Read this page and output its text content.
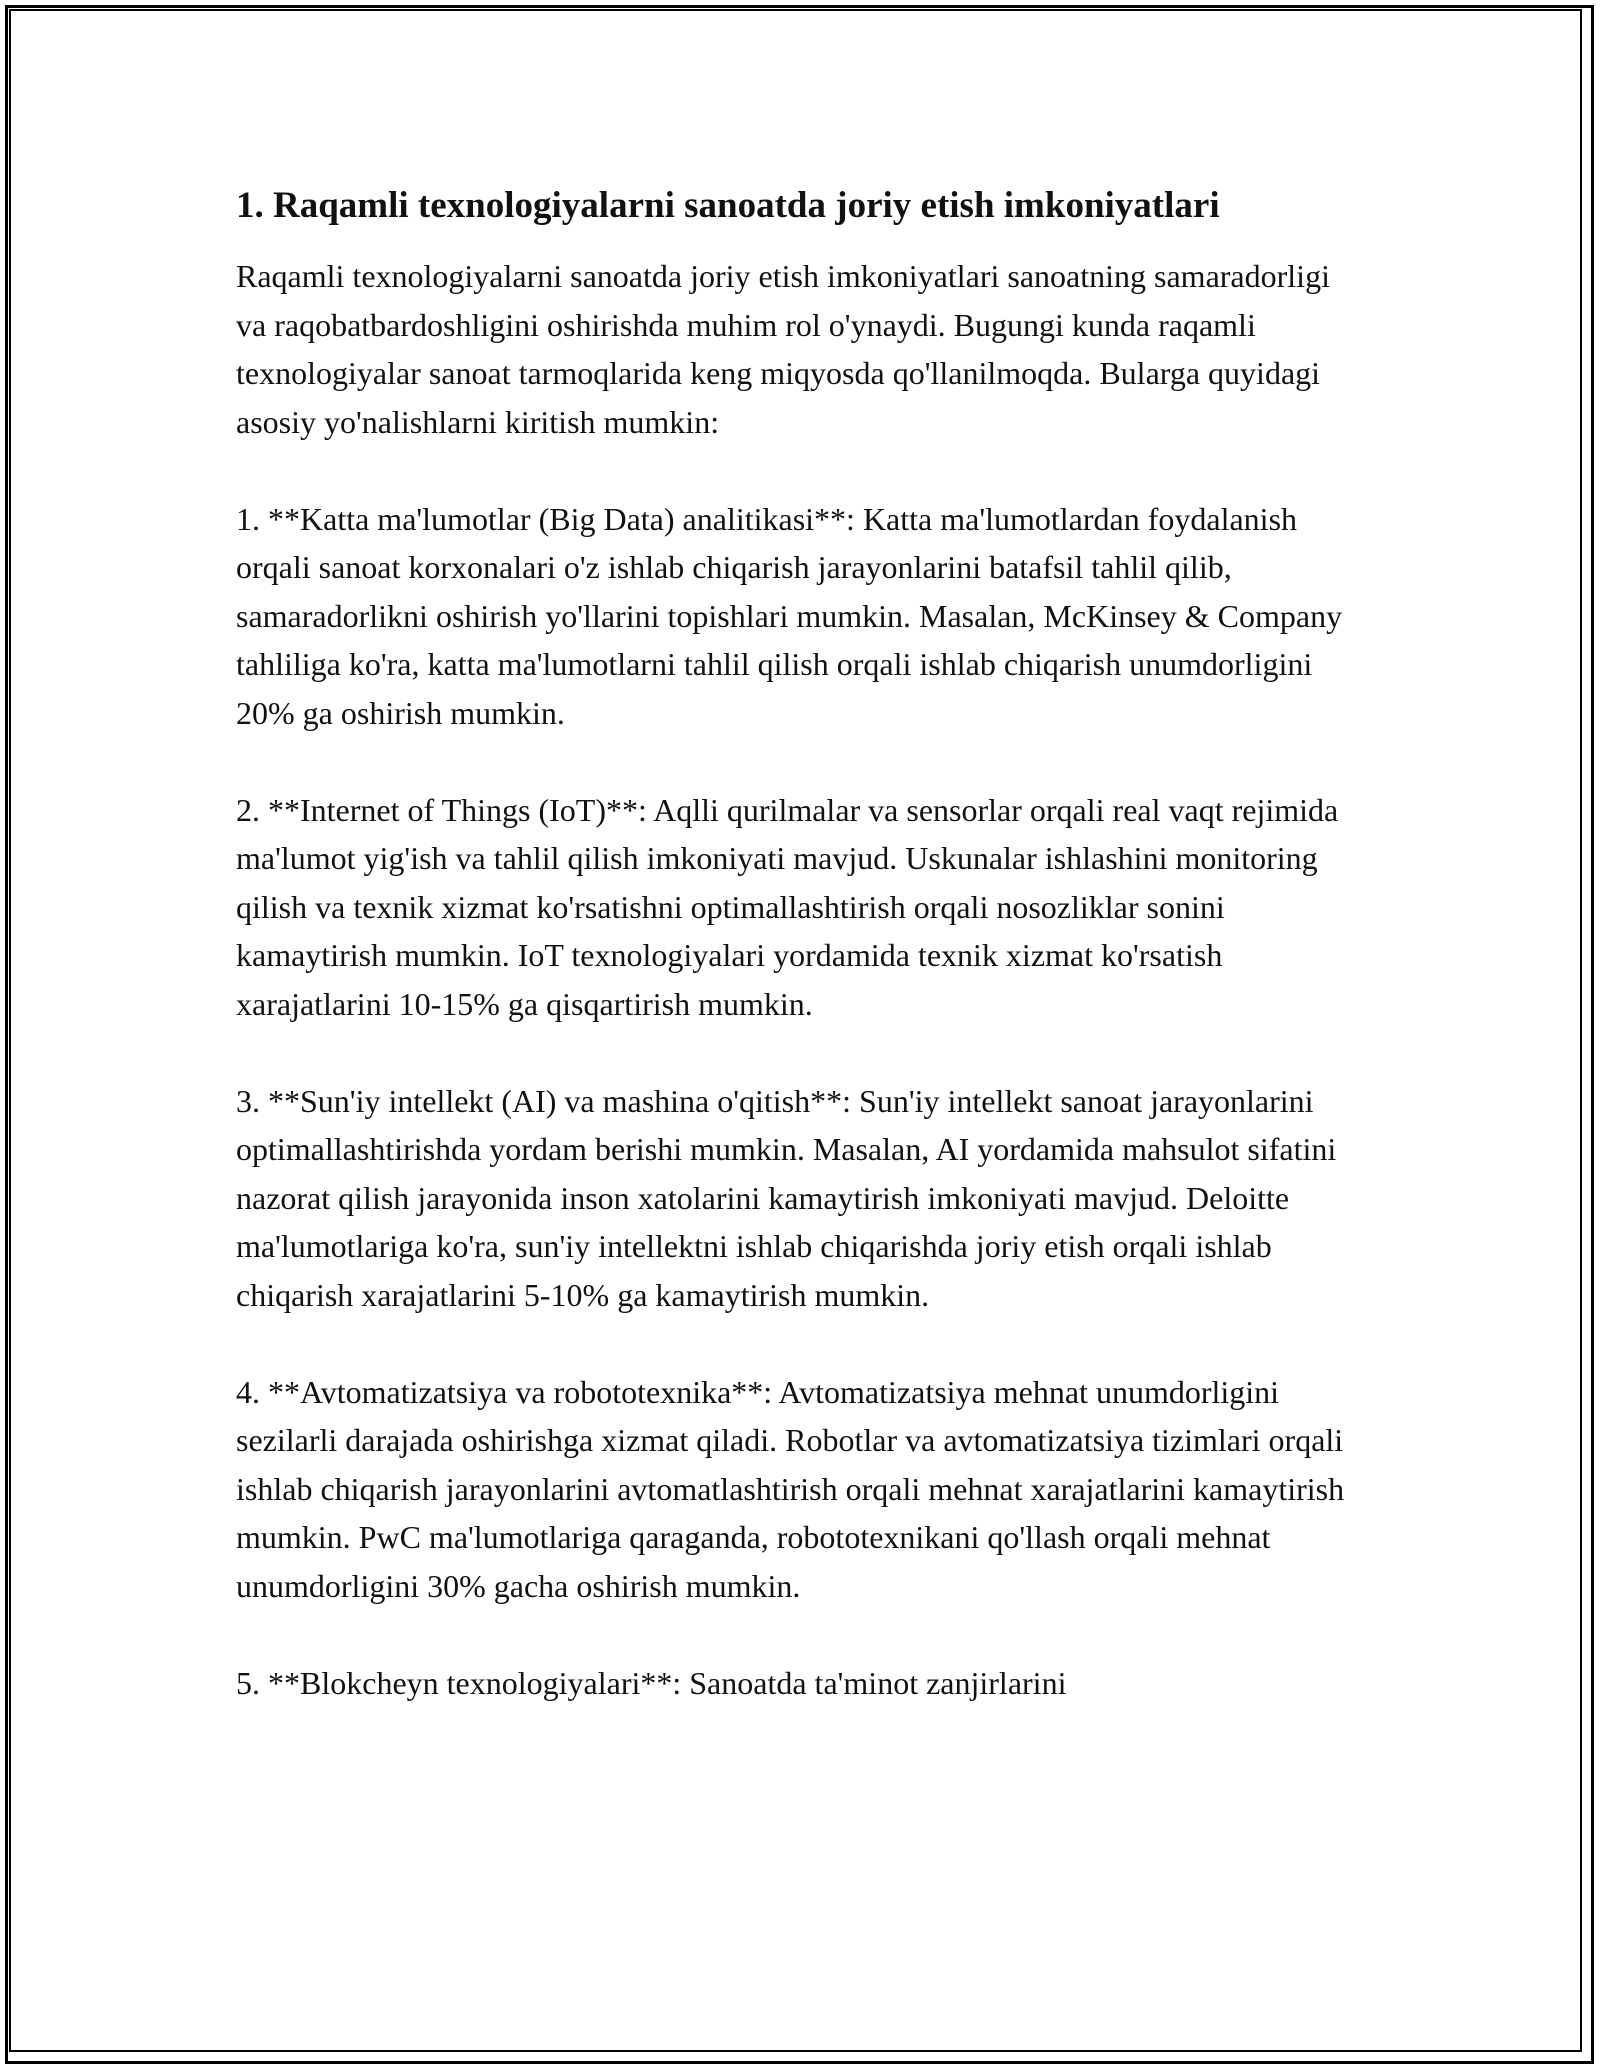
1. Raqamli texnologiyalarni sanoatda joriy etish imkoniyatlari

Raqamli texnologiyalarni sanoatda joriy etish imkoniyatlari sanoatning samaradorligi va raqobatbardoshligini oshirishda muhim rol o'ynaydi. Bugungi kunda raqamli texnologiyalar sanoat tarmoqlarida keng miqyosda qo'llanilmoqda. Bularga quyidagi asosiy yo'nalishlarni kiritish mumkin:

1. **Katta ma'lumotlar (Big Data) analitikasi**: Katta ma'lumotlardan foydalanish orqali sanoat korxonalari o'z ishlab chiqarish jarayonlarini batafsil tahlil qilib, samaradorlikni oshirish yo'llarini topishlari mumkin. Masalan, McKinsey & Company tahliliga ko'ra, katta ma'lumotlarni tahlil qilish orqali ishlab chiqarish unumdorligini 20% ga oshirish mumkin.

2. **Internet of Things (IoT)**: Aqlli qurilmalar va sensorlar orqali real vaqt rejimida ma'lumot yig'ish va tahlil qilish imkoniyati mavjud. Uskunalar ishlashini monitoring qilish va texnik xizmat ko'rsatishni optimallashtirish orqali nosozliklar sonini kamaytirish mumkin. IoT texnologiyalari yordamida texnik xizmat ko'rsatish xarajatlarini 10-15% ga qisqartirish mumkin.

3. **Sun'iy intellekt (AI) va mashina o'qitish**: Sun'iy intellekt sanoat jarayonlarini optimallashtirishda yordam berishi mumkin. Masalan, AI yordamida mahsulot sifatini nazorat qilish jarayonida inson xatolarini kamaytirish imkoniyati mavjud. Deloitte ma'lumotlariga ko'ra, sun'iy intellektni ishlab chiqarishda joriy etish orqali ishlab chiqarish xarajatlarini 5-10% ga kamaytirish mumkin.

4. **Avtomatizatsiya va robototexnika**: Avtomatizatsiya mehnat unumdorligini sezilarli darajada oshirishga xizmat qiladi. Robotlar va avtomatizatsiya tizimlari orqali ishlab chiqarish jarayonlarini avtomatlashtirish orqali mehnat xarajatlarini kamaytirish mumkin. PwC ma'lumotlariga qaraganda, robototexnikani qo'llash orqali mehnat unumdorligini 30% gacha oshirish mumkin.

5. **Blokcheyn texnologiyalari**: Sanoatda ta'minot zanjirlarini
